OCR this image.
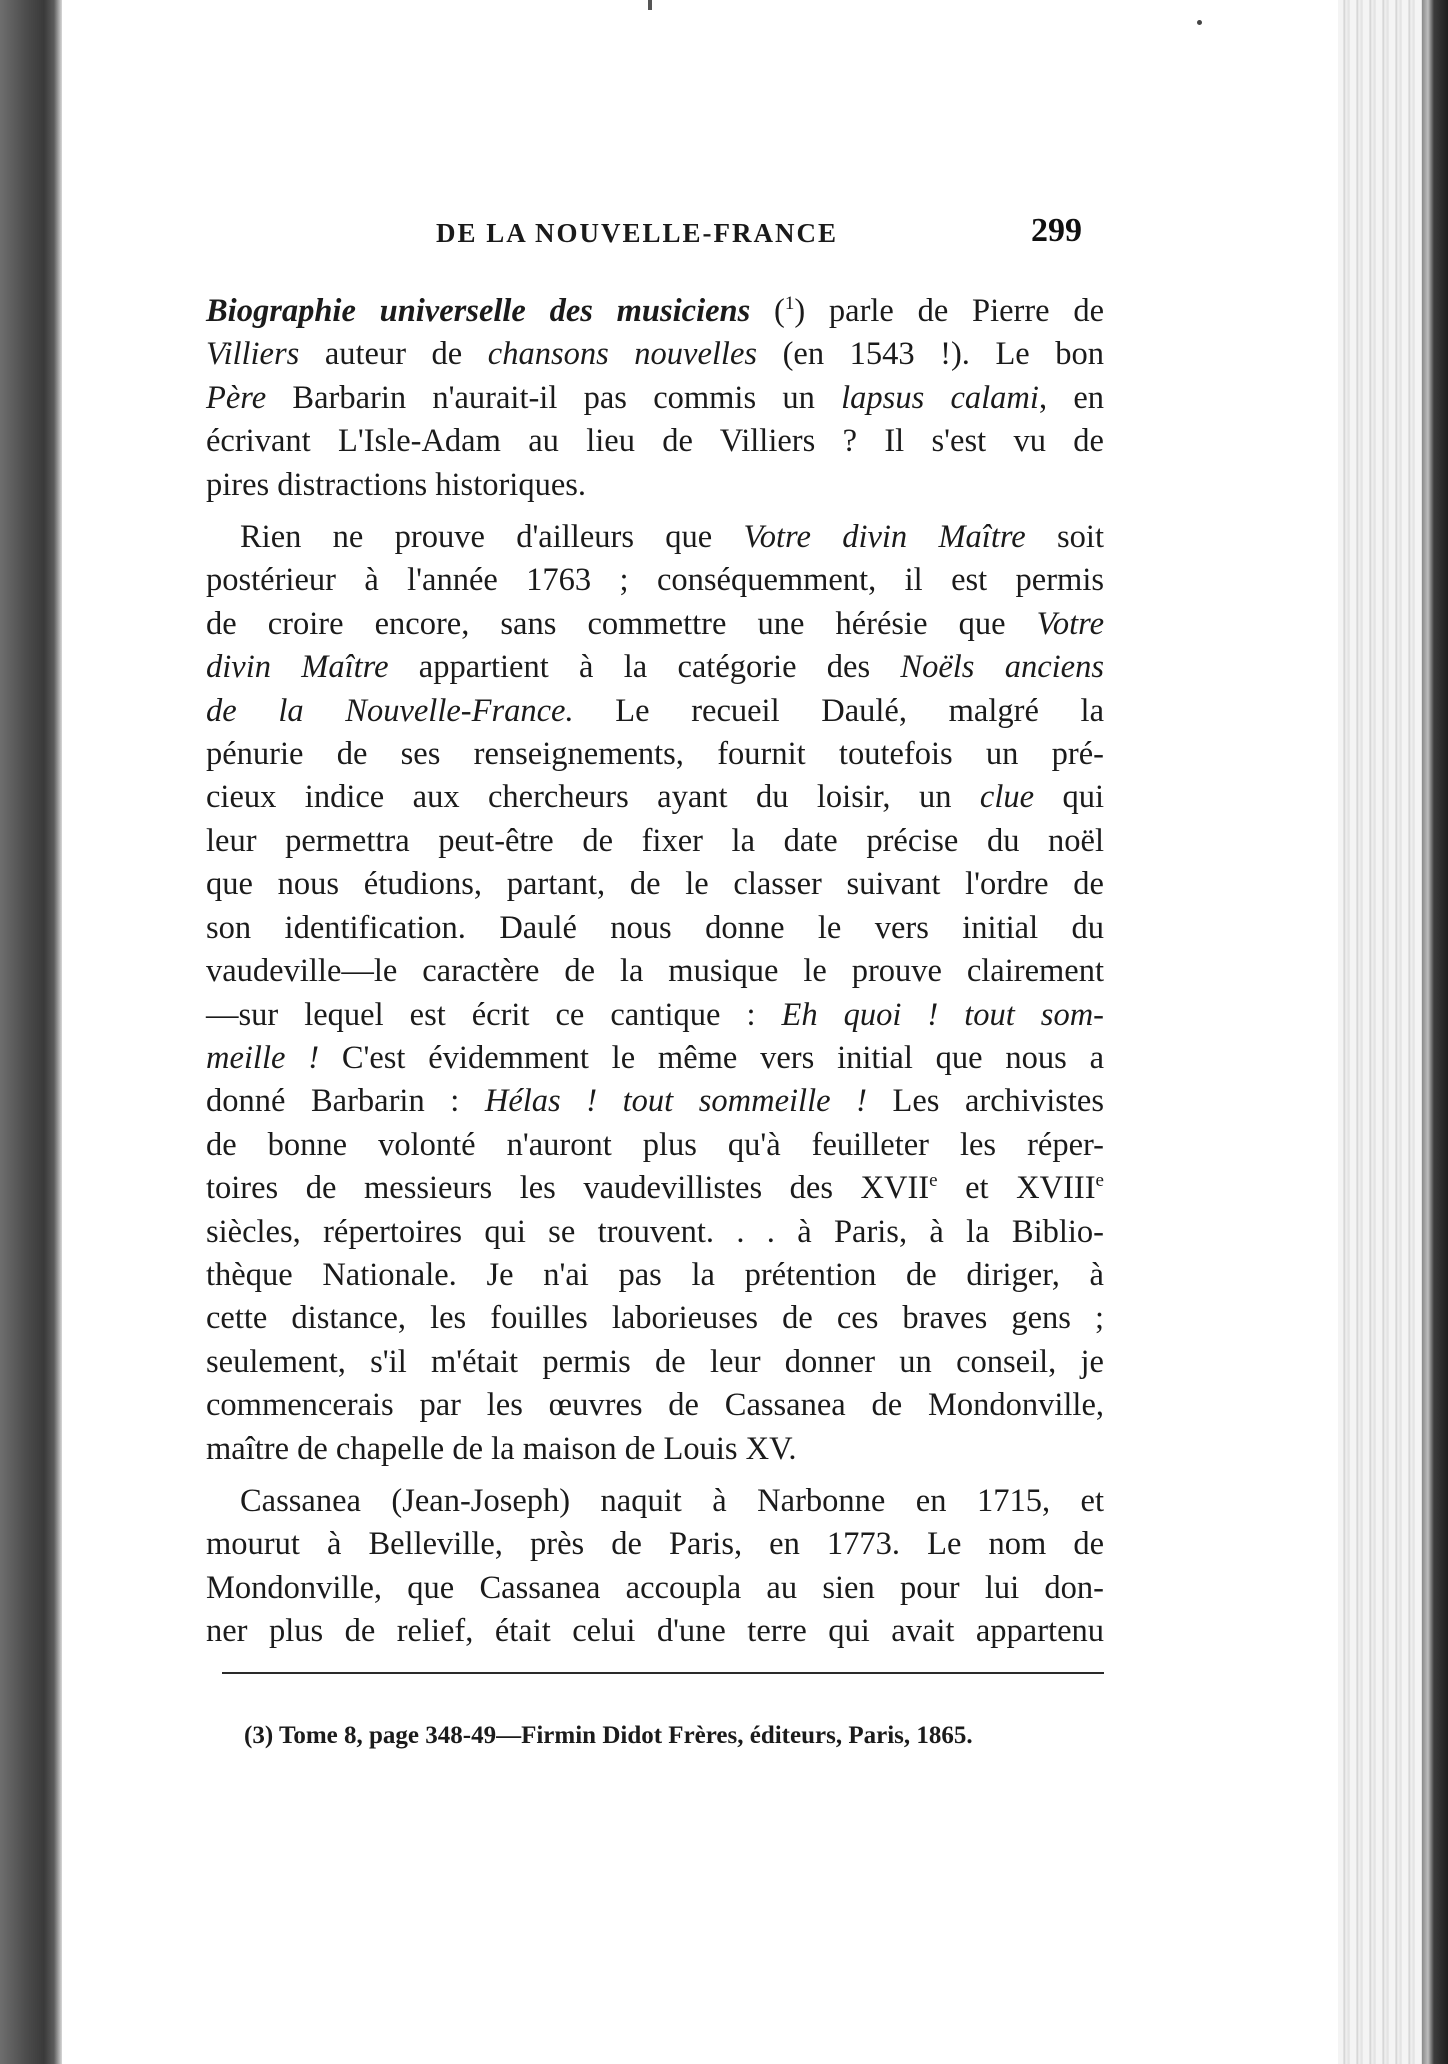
DE LA NOUVELLE-FRANCE	299

Biographie universelle des musiciens ($^1$) parle de Pierre de
Villiers auteur de chansons nouvelles (en 1543 !). Le bon
Père Barbarin n'aurait-il pas commis un lapsus calami, en
écrivant L'Isle-Adam au lieu de Villiers ? Il s'est vu de
pires distractions historiques.

Rien ne prouve d'ailleurs que Votre divin Maître soit
postérieur à l'année 1763 ; conséquemment, il est permis
de croire encore, sans commettre une hérésie que Votre
divin Maître appartient à la catégorie des Noëls anciens
de la Nouvelle-France. Le recueil Daulé, malgré la
pénurie de ses renseignements, fournit toutefois un pré-
cieux indice aux chercheurs ayant du loisir, un clue qui
leur permettra peut-être de fixer la date précise du noël
que nous étudions, partant, de le classer suivant l'ordre de
son identification. Daulé nous donne le vers initial du
vaudeville—le caractère de la musique le prouve clairement
—sur lequel est écrit ce cantique : Eh quoi ! tout som-
meille ! C'est évidemment le même vers initial que nous a
donné Barbarin : Hélas ! tout sommeille ! Les archivistes
de bonne volonté n'auront plus qu'à feuilleter les réper-
toires de messieurs les vaudevillistes des XVIIe et XVIIIe
siècles, répertoires qui se trouvent. . . à Paris, à la Biblio-
thèque Nationale. Je n'ai pas la prétention de diriger, à
cette distance, les fouilles laborieuses de ces braves gens ;
seulement, s'il m'était permis de leur donner un conseil, je
commencerais par les œuvres de Cassanea de Mondonville,
maître de chapelle de la maison de Louis XV.

Cassanea (Jean-Joseph) naquit à Narbonne en 1715, et
mourut à Belleville, près de Paris, en 1773. Le nom de
Mondonville, que Cassanea accoupla au sien pour lui don-
ner plus de relief, était celui d'une terre qui avait appartenu

(3) Tome 8, page 348-49—Firmin Didot Frères, éditeurs, Paris, 1865.
